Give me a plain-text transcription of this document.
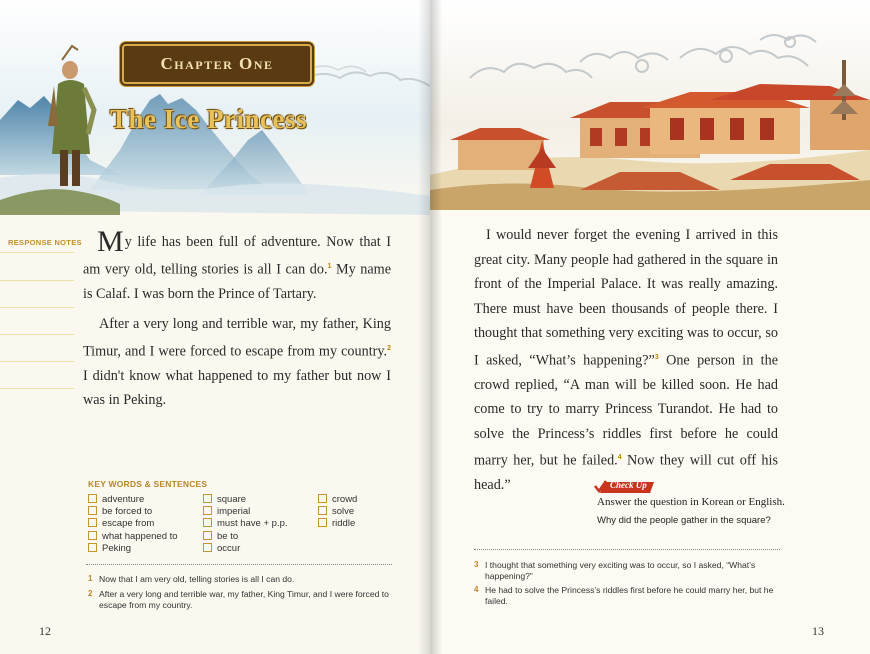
Chapter One
The Ice Princess
RESPONSE NOTES My life has been full of adventure. Now that I am very old, telling stories is all I can do.$^1$ My name is Calaf. I was born the Prince of Tartary.

After a very long and terrible war, my father, King Timur, and I were forced to escape from my country.$^2$ I didn't know what happened to my father but now I was in Peking.

KEY WORDS & SENTENCES
adventure
be forced to
escape from
what happened to
Peking
square
imperial
must have + p.p.
be to
occur
crowd
solve
riddle
1 Now that I am very old, telling stories is all I can do.
2 After a very long and terrible war, my father, King Timur, and I were forced to escape from my country.
12
I would never forget the evening I arrived in this great city. Many people had gathered in the square in front of the Imperial Palace. It was really amazing. There must have been thousands of people there. I thought that something very exciting was to occur, so I asked, “What’s happening?”$^3$ One person in the crowd replied, “A man will be killed soon. He had come to try to marry Princess Turandot. He had to solve the Princess’s riddles first before he could marry her, but he failed.$^4$ Now they will cut off his head.”	Check Up
Answer the question in Korean or English.
Why did the people gather in the square?
3 I thought that something very exciting was to occur, so I asked, “What’s happening?”
4 He had to solve the Princess’s riddles first before he could marry her, but he failed.
13
